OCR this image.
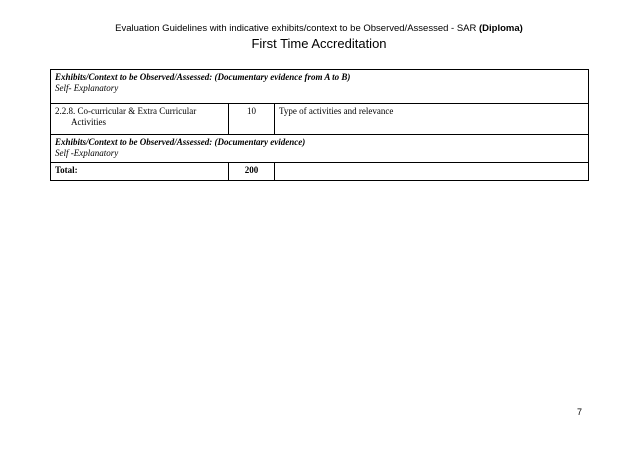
Evaluation Guidelines with indicative exhibits/context to be Observed/Assessed - SAR (Diploma)
First Time Accreditation
Exhibits/Context to be Observed/Assessed: (Documentary evidence from A to B)
Self- Explanatory		

2.2.8. Co-curricular & Extra Curricular
Activities	10	Type of activities and relevance

Exhibits/Context to be Observed/Assessed: (Documentary evidence)
Self -Explanatory		

Total:	200	
7
